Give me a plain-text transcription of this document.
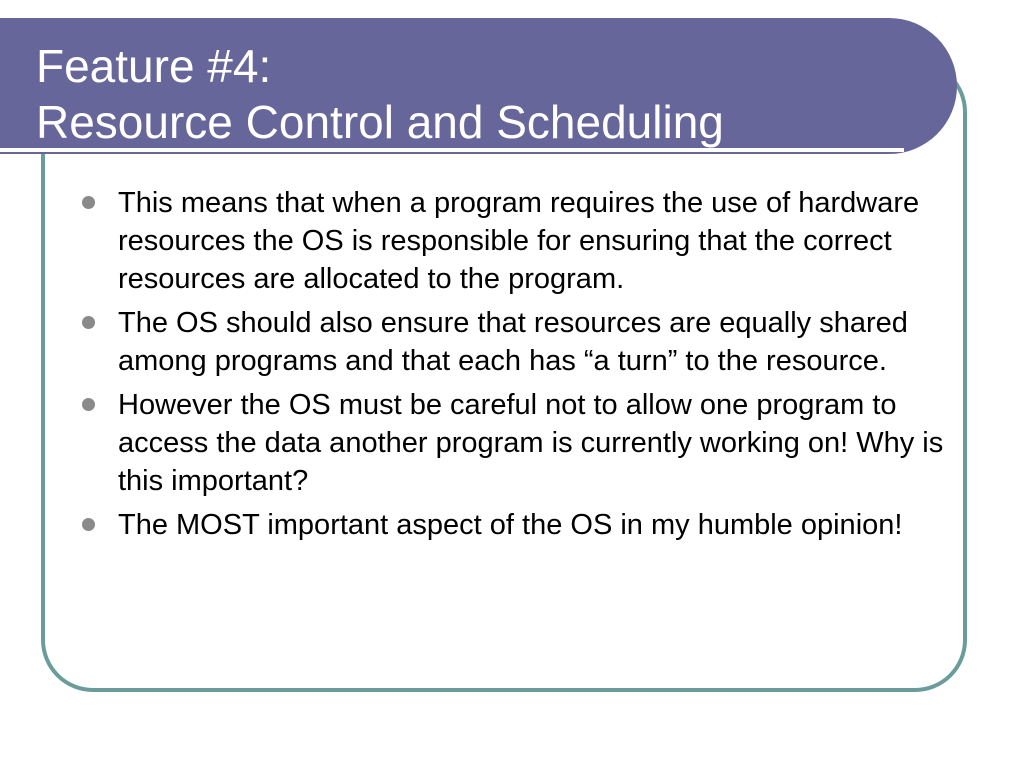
Feature #4:
Resource Control and Scheduling
This means that when a program requires the use of hardware resources the OS is responsible for ensuring that the correct resources are allocated to the program.
The OS should also ensure that resources are equally shared among programs and that each has “a turn” to the resource.
However the OS must be careful not to allow one program to access the data another program is currently working on! Why is this important?
The MOST important aspect of the OS in my humble opinion!
